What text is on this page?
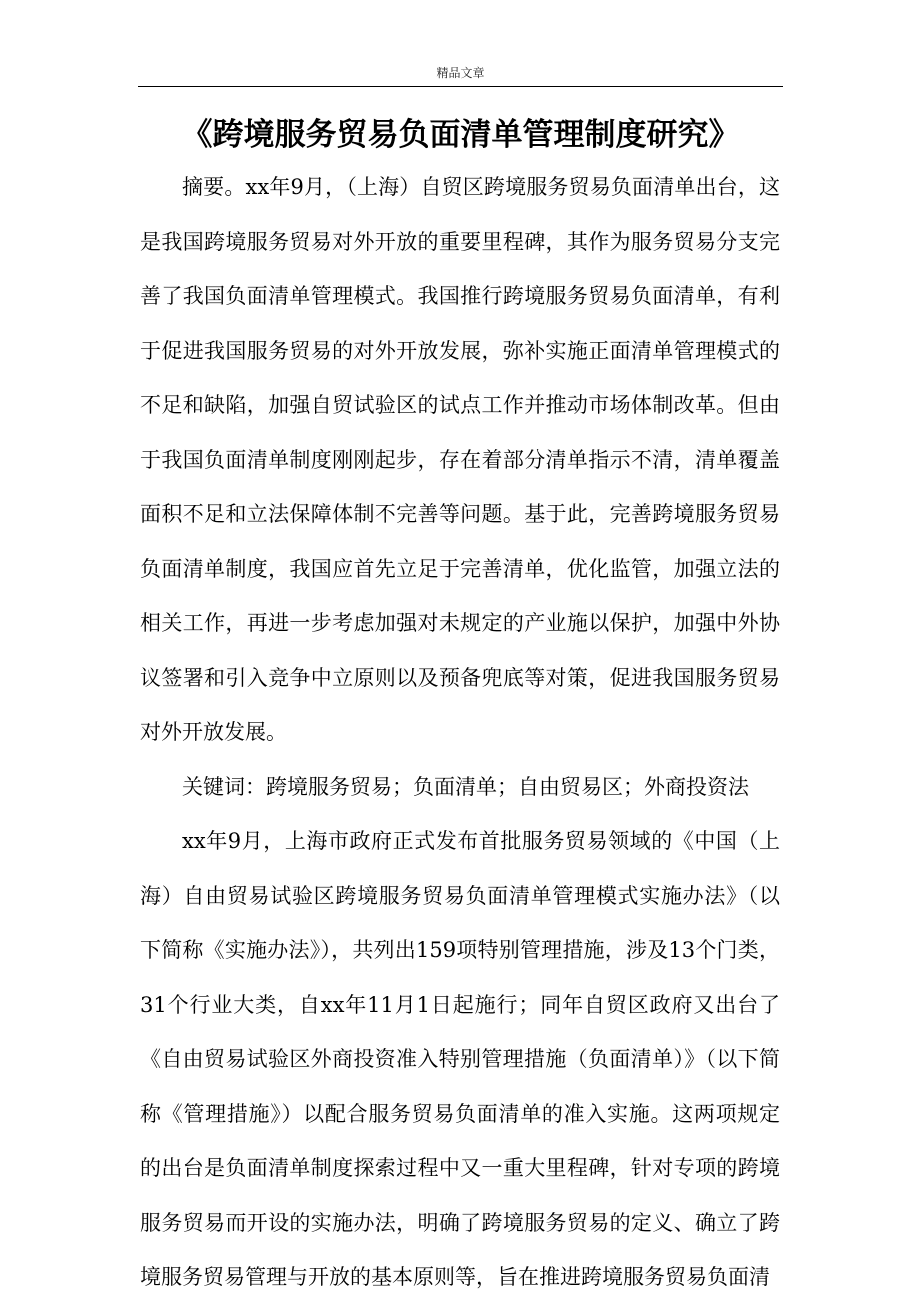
精品文章
《跨境服务贸易负面清单管理制度研究》

摘要。xx年9月，（上海）自贸区跨境服务贸易负面清单出台，这是我国跨境服务贸易对外开放的重要里程碑，其作为服务贸易分支完善了我国负面清单管理模式。我国推行跨境服务贸易负面清单，有利于促进我国服务贸易的对外开放发展，弥补实施正面清单管理模式的不足和缺陷，加强自贸试验区的试点工作并推动市场体制改革。但由于我国负面清单制度刚刚起步，存在着部分清单指示不清，清单覆盖面积不足和立法保障体制不完善等问题。基于此，完善跨境服务贸易负面清单制度，我国应首先立足于完善清单，优化监管，加强立法的相关工作，再进一步考虑加强对未规定的产业施以保护，加强中外协议签署和引入竞争中立原则以及预备兜底等对策，促进我国服务贸易对外开放发展。

关键词：跨境服务贸易；负面清单；自由贸易区；外商投资法

xx年9月，上海市政府正式发布首批服务贸易领域的《中国（上海）自由贸易试验区跨境服务贸易负面清单管理模式实施办法》（以下简称《实施办法》），共列出159项特别管理措施，涉及13个门类，31个行业大类，自xx年11月1日起施行；同年自贸区政府又出台了《自由贸易试验区外商投资准入特别管理措施（负面清单）》（以下简称《管理措施》）以配合服务贸易负面清单的准入实施。这两项规定的出台是负面清单制度探索过程中又一重大里程碑，针对专项的跨境服务贸易而开设的实施办法，明确了跨境服务贸易的定义、确立了跨境服务贸易管理与开放的基本原则等，旨在推进跨境服务贸易负面清
